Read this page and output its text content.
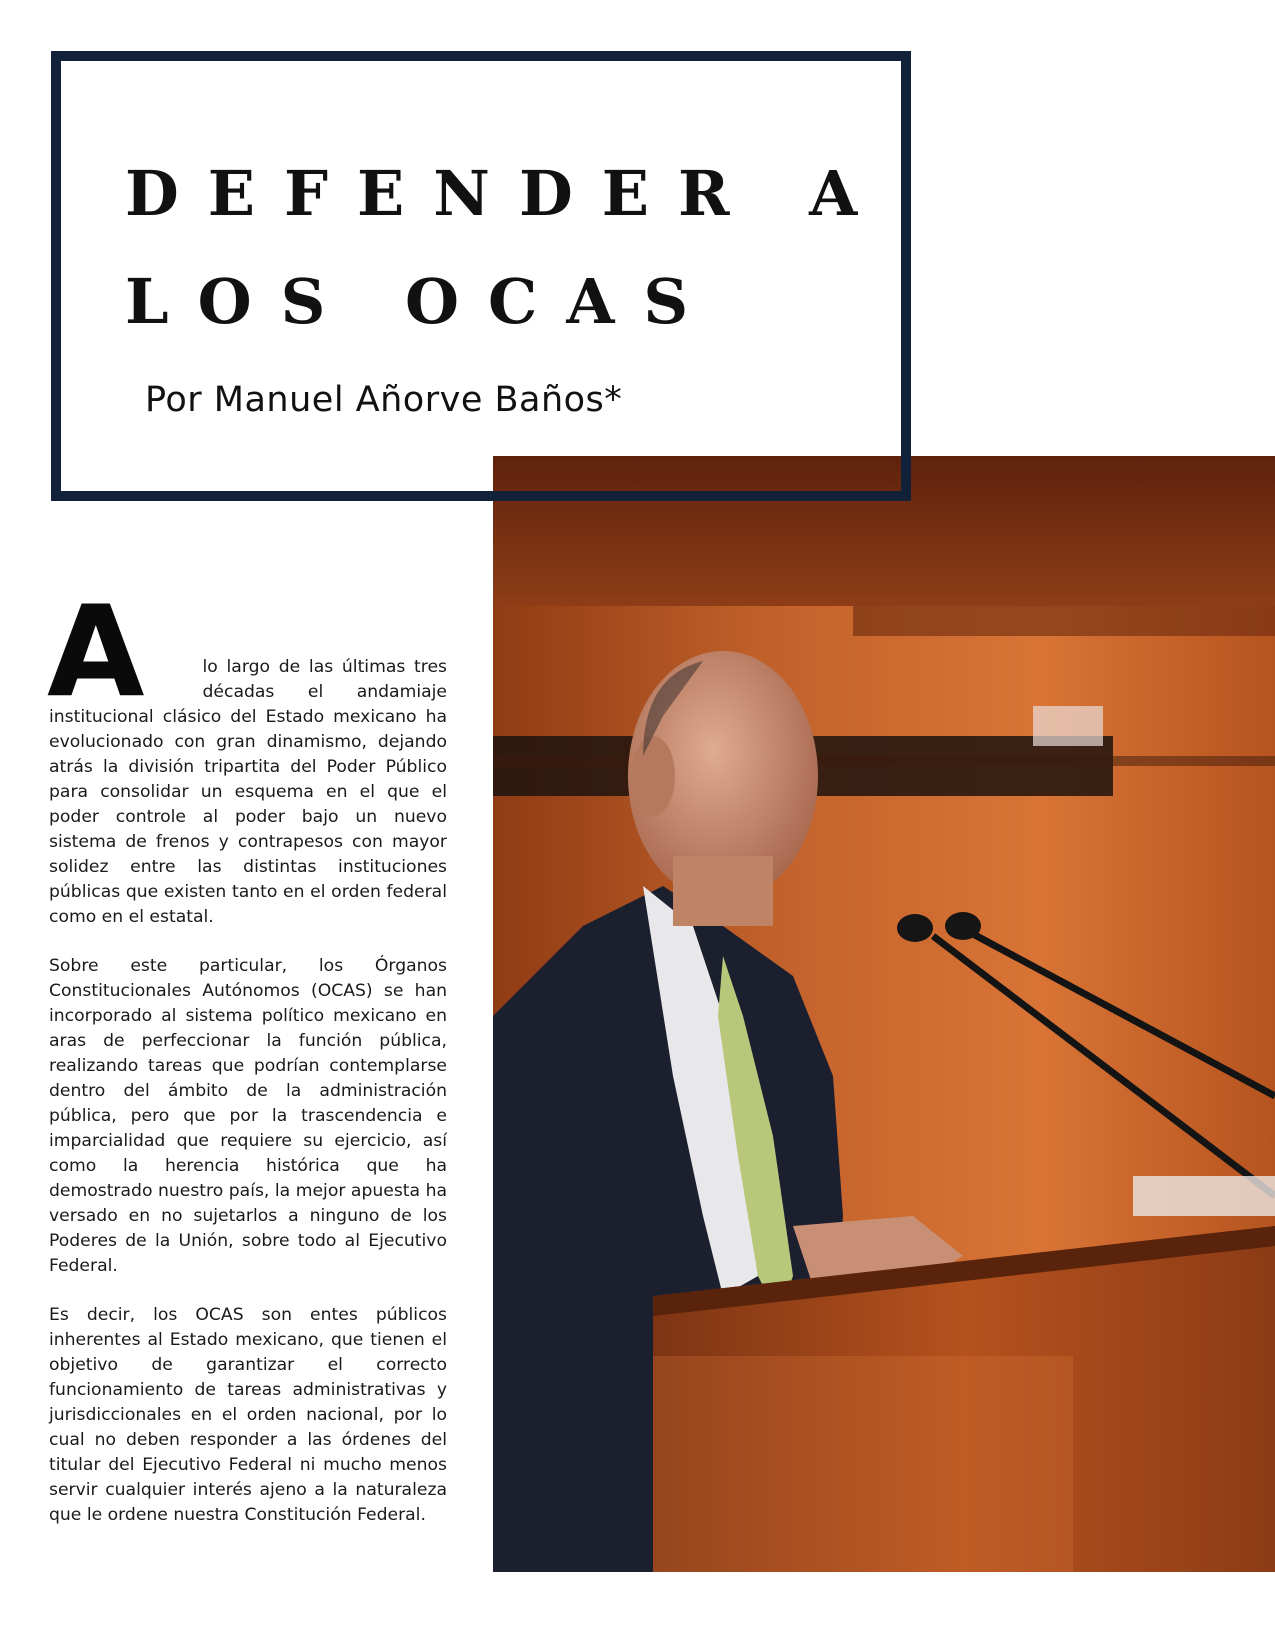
DEFENDER A
LOS OCAS

Por Manuel Añorve Baños*

A	lo largo de las últimas tres décadas el andamiaje institucional clásico del Estado mexicano ha evolucionado con gran dinamismo, dejando atrás la división tripartita del Poder Público para consolidar un esquema en el que el poder controle al poder bajo un nuevo sistema de frenos y contrapesos con mayor solidez entre las distintas instituciones públicas que existen tanto en el orden federal como en el estatal.

Sobre este particular, los Órganos Constitucionales Autónomos (OCAS) se han incorporado al sistema político mexicano en aras de perfeccionar la función pública, realizando tareas que podrían contemplarse dentro del ámbito de la administración pública, pero que por la trascendencia e imparcialidad que requiere su ejercicio, así como la herencia histórica que ha demostrado nuestro país, la mejor apuesta ha versado en no sujetarlos a ninguno de los Poderes de la Unión, sobre todo al Ejecutivo Federal.

Es decir, los OCAS son entes públicos inherentes al Estado mexicano, que tienen el objetivo de garantizar el correcto funcionamiento de tareas administrativas y jurisdiccionales en el orden nacional, por lo cual no deben responder a las órdenes del titular del Ejecutivo Federal ni mucho menos servir cualquier interés ajeno a la naturaleza que le ordene nuestra Constitución Federal.
